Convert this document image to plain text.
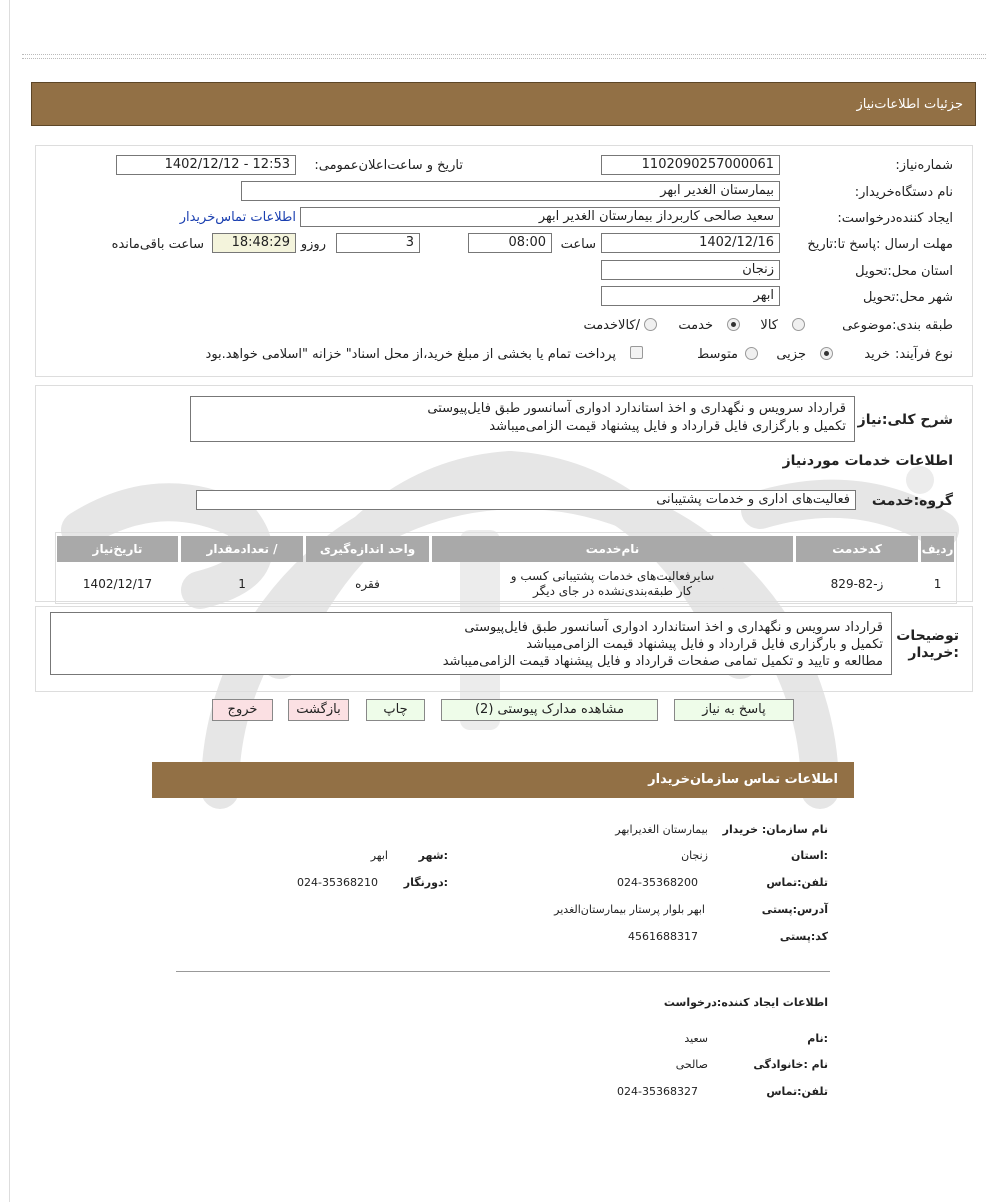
جزئیات اطلاعات‌نیاز
شماره‌نیاز:
1102090257000061
تاریخ و ساعت‌اعلان‌عمومی:
1402/12/12 - 12:53
نام دستگاه‌خریدار:
بیمارستان الغدیر ابهر
ایجاد کننده‌درخواست:
سعید صالحی کاربرداز بیمارستان الغدیر ابهر
اطلاعات تماس‌خریدار
مهلت ارسال :پاسخ تا:تاریخ
1402/12/16
ساعت
08:00
3
روزو
18:48:29
ساعت باقی‌مانده
استان محل:تحویل
زنجان
شهر محل:تحویل
ابهر
طبقه بندی:موضوعی
کالا
خدمت
/کالاخدمت
نوع فرآیند:
خرید
جزیی
متوسط
پرداخت تمام یا بخشی از مبلغ خرید،از محل اسناد" خزانه "اسلامی خواهد.بود
شرح کلی:نیاز
قرارداد سرویس و نگهداری و اخذ استاندارد ادواری آسانسور طبق فایل‌پیوستی
تکمیل و بارگزاری فایل قرارداد و فایل پیشنهاد قیمت الزامی‌میباشد
اطلاعات خدمات موردنیاز
گروه:خدمت
فعالیت‌های اداری و خدمات پشتیبانی
ردیف
کدخدمت
نام‌خدمت
واحد اندازه‌گیری
/ تعدادمقدار
تاریخ‌نیاز
1
ز-82-829
سایرفعالیت‌های خدمات پشتیبانی کسب و
کار طبقه‌بندی‌نشده در جای دیگر
فقره
1
1402/12/17
توضیحات
:خریدار
قرارداد سرویس و نگهداری و اخذ استاندارد ادواری آسانسور طبق فایل‌پیوستی
تکمیل و بارگزاری فایل قرارداد و فایل پیشنهاد قیمت الزامی‌میباشد
مطالعه و تایید و تکمیل تمامی صفحات قرارداد و فایل پیشنهاد قیمت الزامی‌میباشد
پاسخ به نیاز
مشاهده مدارک پیوستی (2)
چاپ
بازگشت
خروج
اطلاعات تماس سازمان‌خریدار
نام سازمان: خریدار
بیمارستان الغدیرابهر
:استان
زنجان
:شهر
ابهر
تلفن:تماس
024-35368200
:دورنگار
024-35368210
آدرس:پستی
ابهر بلوار پرستار بیمارستان‌الغدیر
کد:پستی
4561688317
اطلاعات ایجاد کننده:درخواست
:نام
سعید
نام :خانوادگی
صالحی
تلفن:تماس
024-35368327
